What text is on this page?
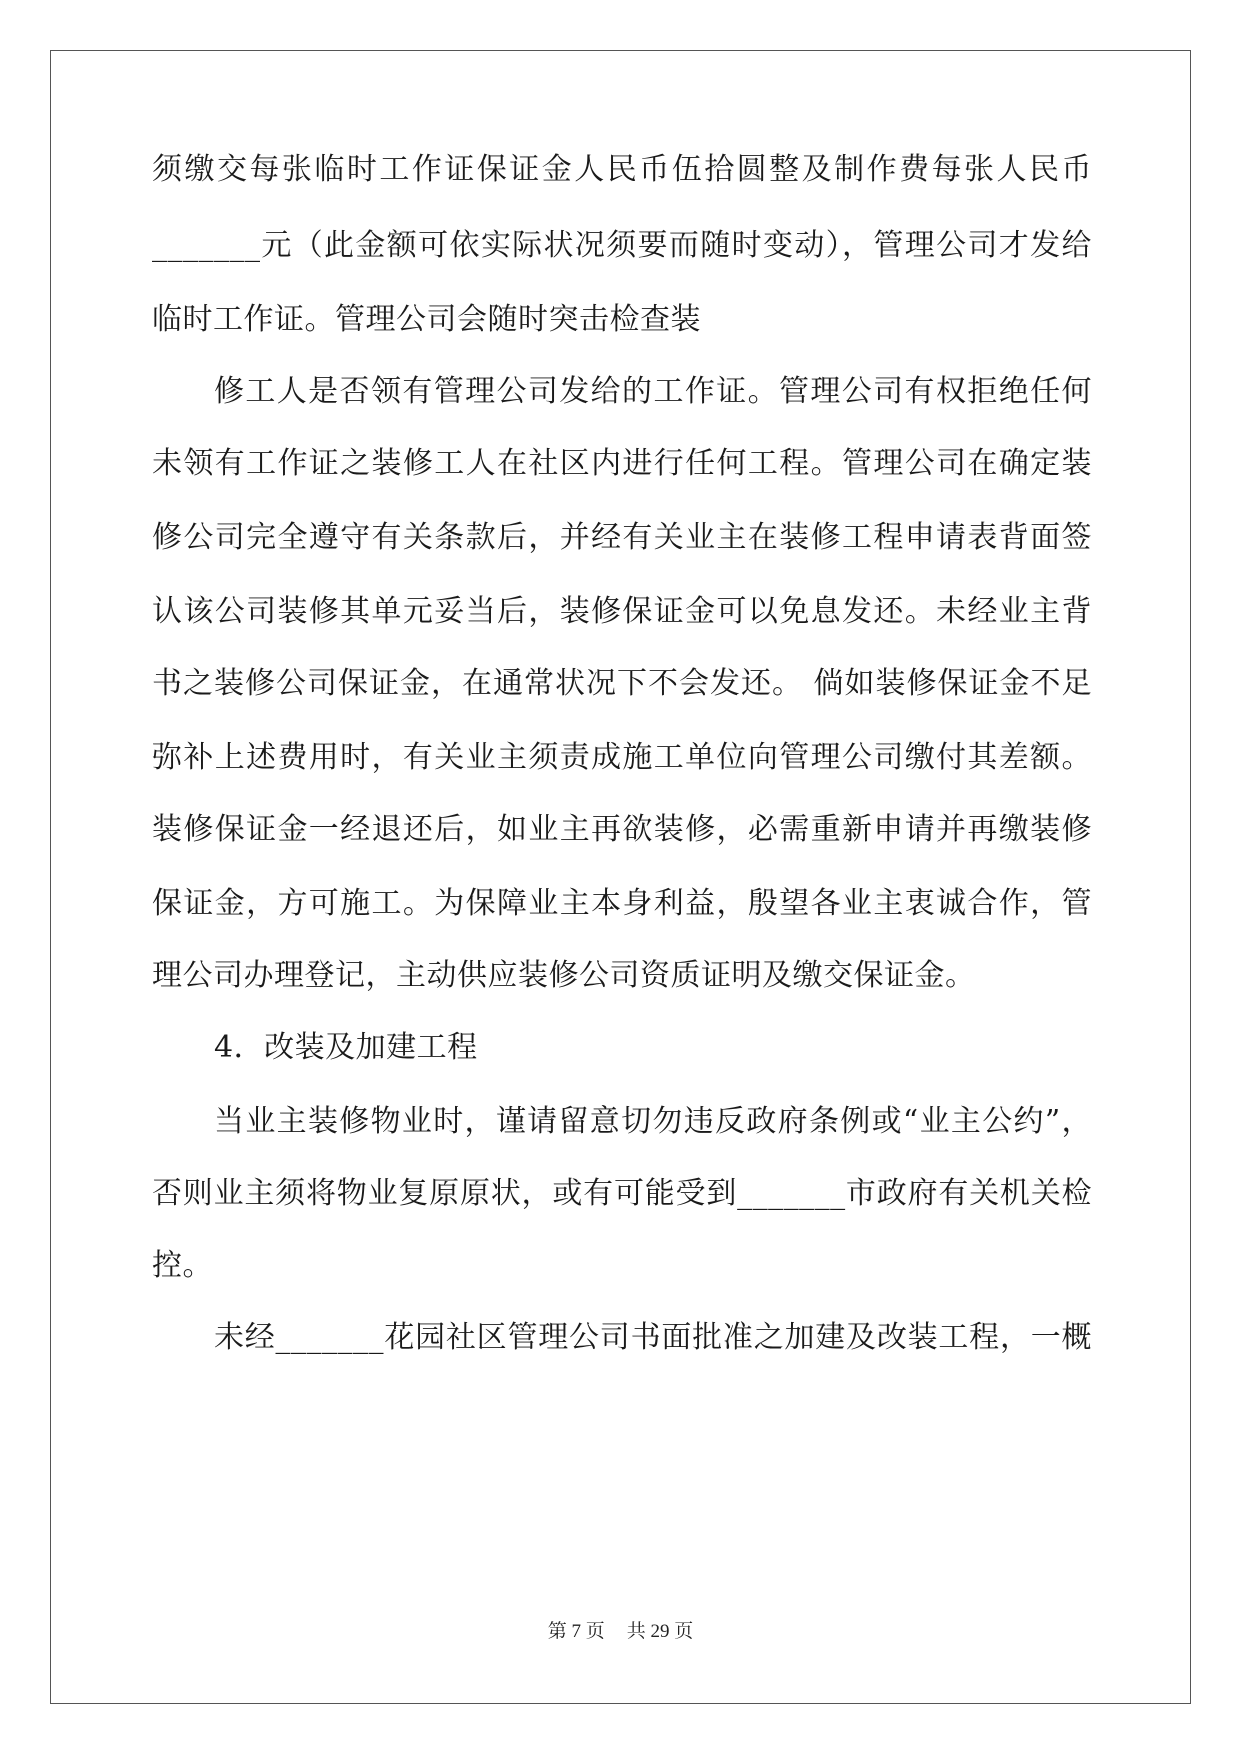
须缴交每张临时工作证保证金人民币伍拾圆整及制作费每张人民币
_______元（此金额可依实际状况须要而随时变动），管理公司才发给
临时工作证。管理公司会随时突击检查装
修工人是否领有管理公司发给的工作证。管理公司有权拒绝任何
未领有工作证之装修工人在社区内进行任何工程。管理公司在确定装
修公司完全遵守有关条款后，并经有关业主在装修工程申请表背面签
认该公司装修其单元妥当后，装修保证金可以免息发还。未经业主背
书之装修公司保证金，在通常状况下不会发还。 倘如装修保证金不足
弥补上述费用时，有关业主须责成施工单位向管理公司缴付其差额。
装修保证金一经退还后，如业主再欲装修，必需重新申请并再缴装修
保证金，方可施工。为保障业主本身利益，殷望各业主衷诚合作，管
理公司办理登记，主动供应装修公司资质证明及缴交保证金。
4．改装及加建工程
当业主装修物业时，谨请留意切勿违反政府条例或“业主公约”，
否则业主须将物业复原原状，或有可能受到_______市政府有关机关检
控。
未经_______花园社区管理公司书面批准之加建及改装工程，一概
第 7 页 共 29 页
